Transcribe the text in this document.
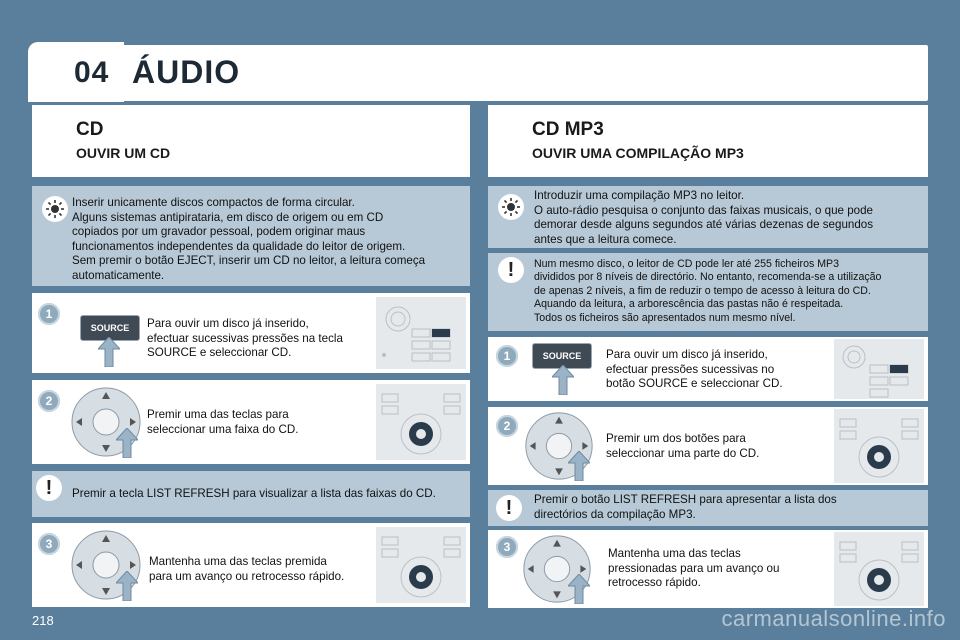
04 ÁUDIO
CD
OUVIR UM CD
CD MP3
OUVIR UMA COMPILAÇÃO MP3
Inserir unicamente discos compactos de forma circular.
Alguns sistemas antipirataria, em disco de origem ou em CD
copiados por um gravador pessoal, podem originar maus
funcionamentos independentes da qualidade do leitor de origem.
Sem premir o botão EJECT, inserir um CD no leitor, a leitura começa
automaticamente.
1
SOURCE	Para ouvir um disco já inserido,
efectuar sucessivas pressões na tecla
SOURCE e seleccionar CD.
2
Premir uma das teclas para
seleccionar uma faixa do CD.
!	Premir a tecla LIST REFRESH para visualizar a lista das faixas do CD.
3
Mantenha uma das teclas premida
para um avanço ou retrocesso rápido.
Introduzir uma compilação MP3 no leitor.
O auto-rádio pesquisa o conjunto das faixas musicais, o que pode
demorar desde alguns segundos até várias dezenas de segundos
antes que a leitura comece.
!	Num mesmo disco, o leitor de CD pode ler até 255 ficheiros MP3
divididos por 8 níveis de directório. No entanto, recomenda-se a utilização
de apenas 2 níveis, a fim de reduzir o tempo de acesso à leitura do CD.
Aquando da leitura, a arborescência das pastas não é respeitada.
Todos os ficheiros são apresentados num mesmo nível.
1	SOURCE	Para ouvir um disco já inserido,
efectuar pressões sucessivas no
botão SOURCE e seleccionar CD.
2
Premir um dos botões para
seleccionar uma parte do CD.
!	Premir o botão LIST REFRESH para apresentar a lista dos
directórios da compilação MP3.
3	Mantenha uma das teclas
pressionadas para um avanço ou
retrocesso rápido.
218	carmanualsonline.info
